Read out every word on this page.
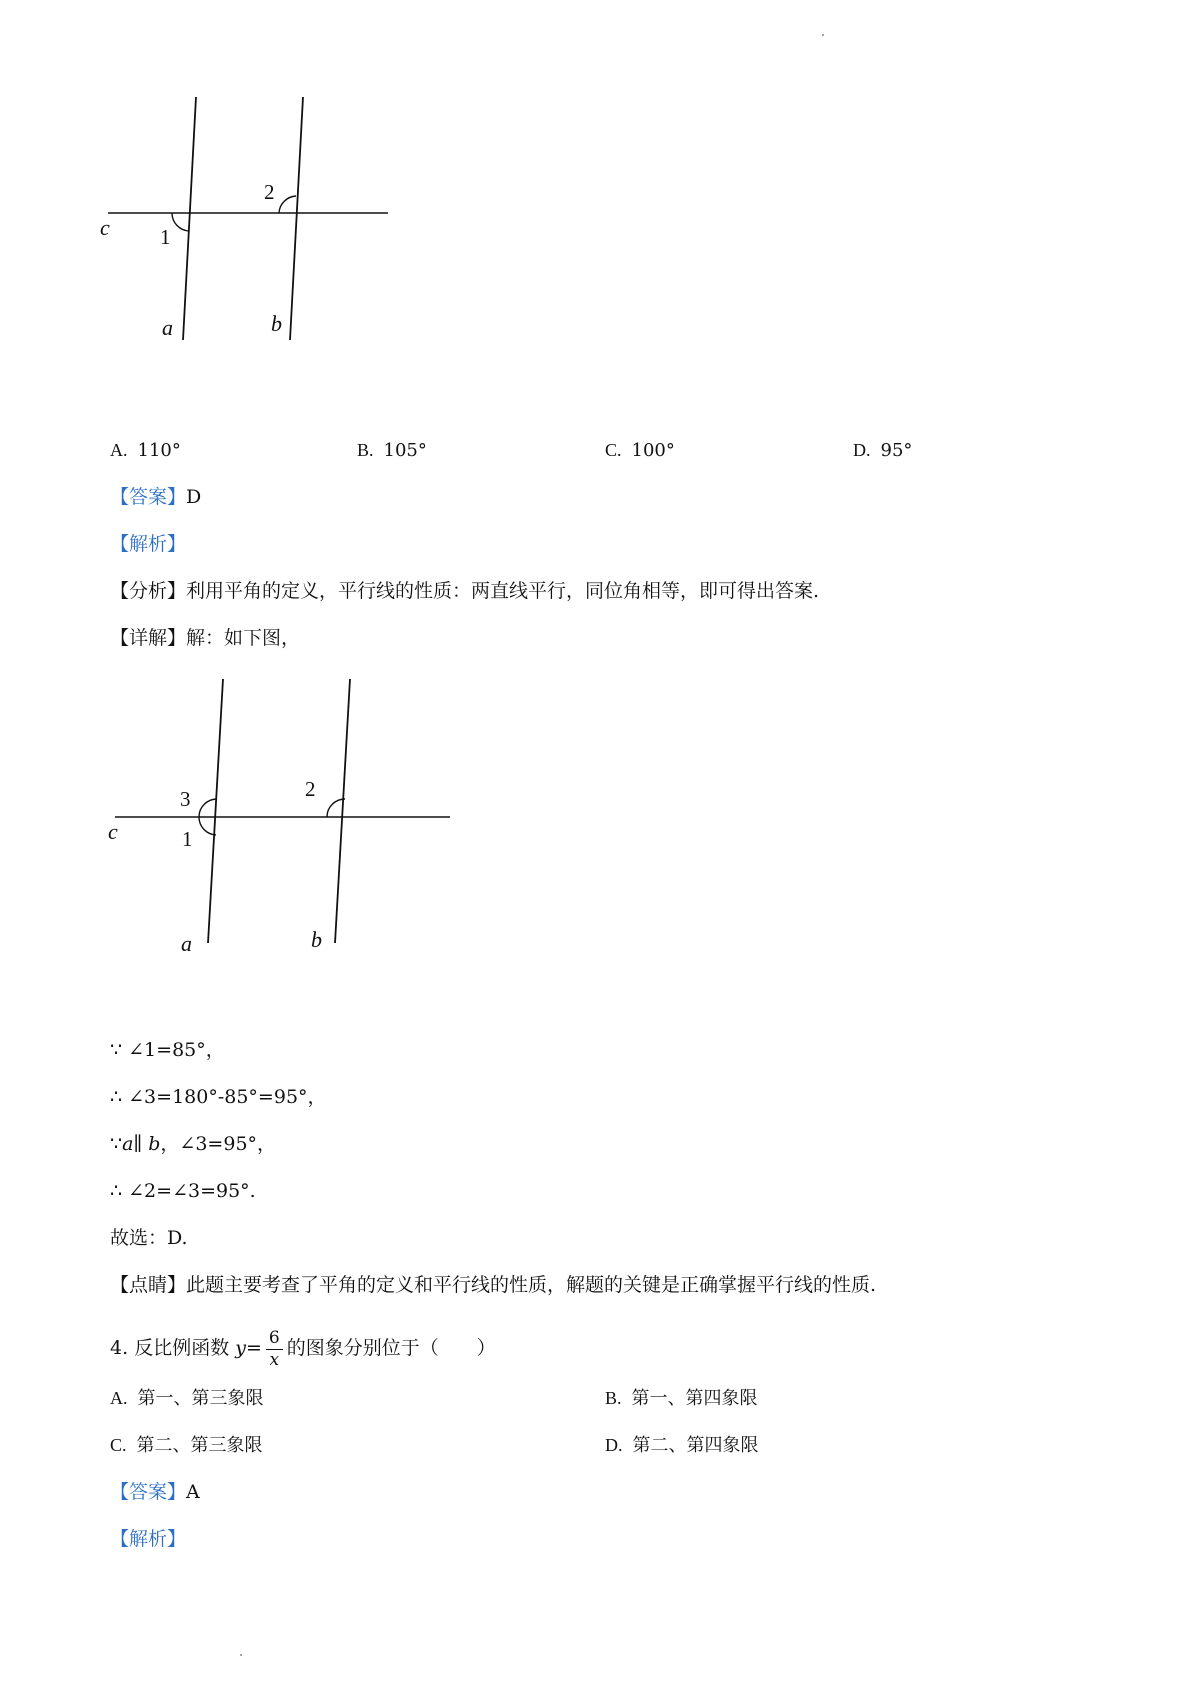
c 1
2
a	b
A. 110°	B. 105°	C. 100°	D. 95°
【答案】D
【解析】
【分析】利用平角的定义，平行线的性质：两直线平行，同位角相等，即可得出答案.
【详解】解：如下图，
c
3
1
2
a	b
∵ ∠1=85°，
∴ ∠3=180°-85°=95°，
∵a∥ b，∠3=95°，
∴ ∠2=∠3=95°.
故选：D.
【点睛】此题主要考查了平角的定义和平行线的性质，解题的关键是正确掌握平行线的性质.
4. 反比例函数 $y= \frac{6}{x}$ 的图象分别位于（　　）
A. 第一、第三象限	B. 第一、第四象限
C. 第二、第三象限	D. 第二、第四象限
【答案】A
【解析】
